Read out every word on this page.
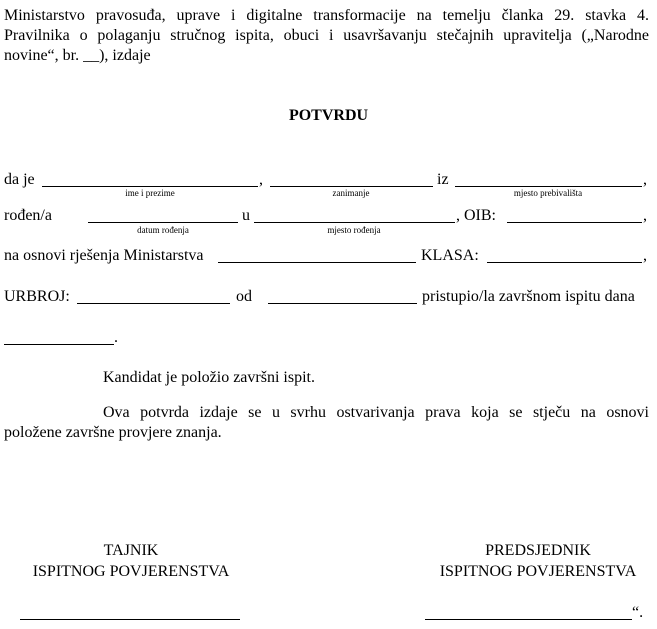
Ministarstvo pravosuđa, uprave i digitalne transformacije na temelju članka 29. stavka 4.
Pravilnika o polaganju stručnog ispita, obuci i usavršavanju stečajnih upravitelja („Narodne
novine“, br. __), izdaje
POTVRDU
da je	,	iz	,
ime i prezime	zanimanje	mjesto prebivališta
rođen/a	u	, OIB:	,
datum rođenja	mjesto rođenja
na osnovi rješenja Ministarstva	KLASA:	,
URBROJ:	od	pristupio/la završnom ispitu dana
.
Kandidat je položio završni ispit.
Ova potvrda izdaje se u svrhu ostvarivanja prava koja se stječu na osnovi
položene završne provjere znanja.
TAJNIK
ISPITNOG POVJERENSTVA
PREDSJEDNIK
ISPITNOG POVJERENSTVA
“.
